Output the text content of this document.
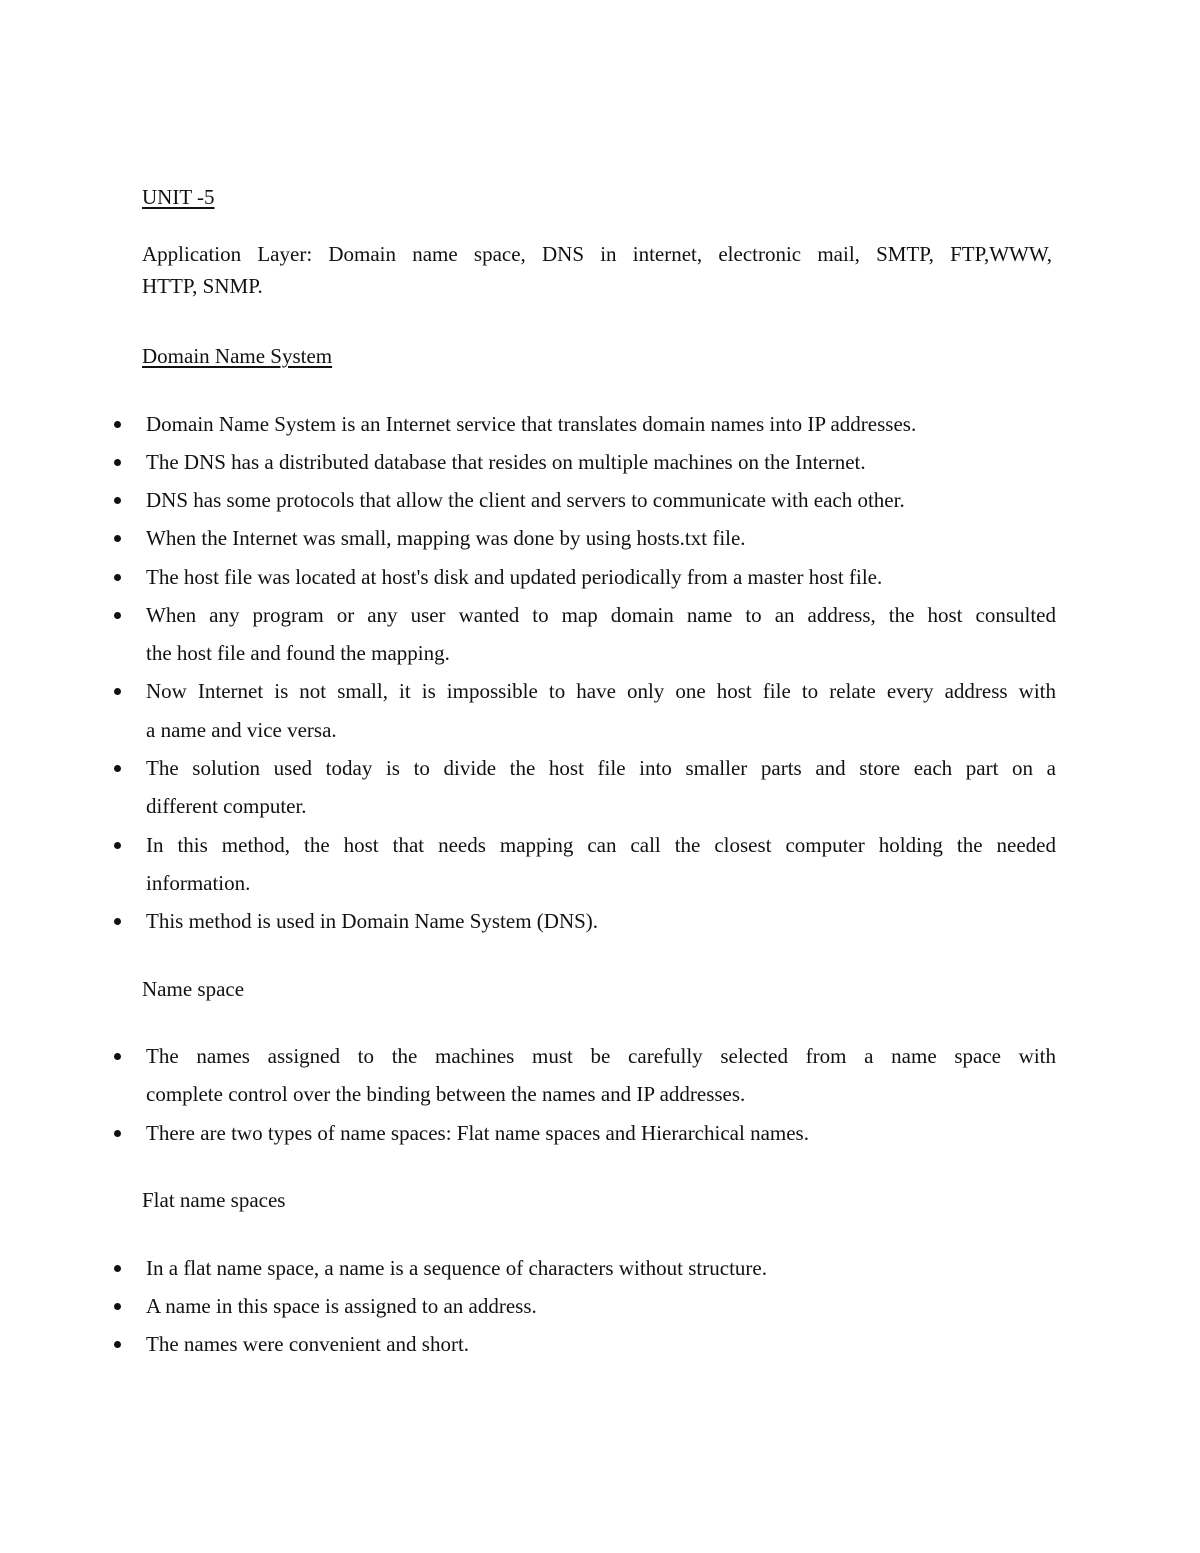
UNIT -5
Application Layer: Domain name space, DNS in internet, electronic mail, SMTP, FTP,WWW,
HTTP, SNMP.
Domain Name System
Domain Name System is an Internet service that translates domain names into IP addresses.
The DNS has a distributed database that resides on multiple machines on the Internet.
DNS has some protocols that allow the client and servers to communicate with each other.
When the Internet was small, mapping was done by using hosts.txt file.
The host file was located at host's disk and updated periodically from a master host file.
When any program or any user wanted to map domain name to an address, the host consulted
the host file and found the mapping.
Now Internet is not small, it is impossible to have only one host file to relate every address with
a name and vice versa.
The solution used today is to divide the host file into smaller parts and store each part on a
different computer.
In this method, the host that needs mapping can call the closest computer holding the needed
information.
This method is used in Domain Name System (DNS).
Name space
The names assigned to the machines must be carefully selected from a name space with
complete control over the binding between the names and IP addresses.
There are two types of name spaces: Flat name spaces and Hierarchical names.
Flat name spaces
In a flat name space, a name is a sequence of characters without structure.
A name in this space is assigned to an address.
The names were convenient and short.
